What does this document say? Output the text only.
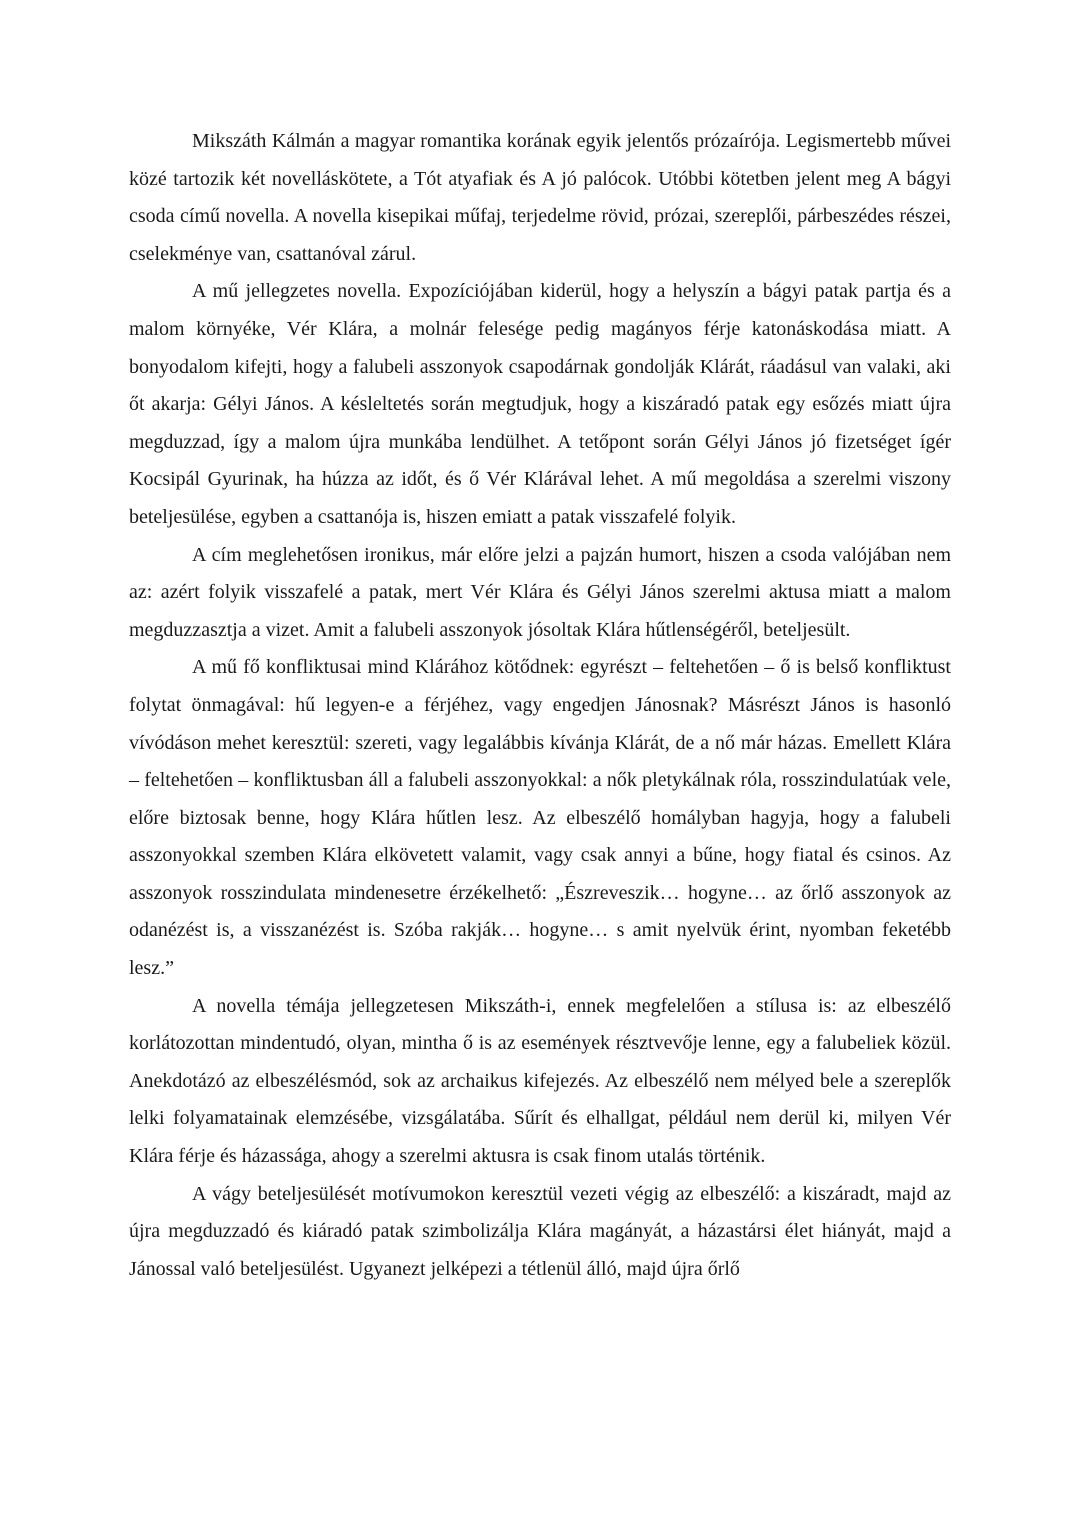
Mikszáth Kálmán a magyar romantika korának egyik jelentős prózaírója. Legismertebb művei közé tartozik két novelláskötete, a Tót atyafiak és A jó palócok. Utóbbi kötetben jelent meg A bágyi csoda című novella. A novella kisepikai műfaj, terjedelme rövid, prózai, szereplői, párbeszédes részei, cselekménye van, csattanóval zárul.

A mű jellegzetes novella. Expozíciójában kiderül, hogy a helyszín a bágyi patak partja és a malom környéke, Vér Klára, a molnár felesége pedig magányos férje katonáskodása miatt. A bonyodalom kifejti, hogy a falubeli asszonyok csapodárnak gondolják Klárát, ráadásul van valaki, aki őt akarja: Gélyi János. A késleltetés során megtudjuk, hogy a kiszáradó patak egy esőzés miatt újra megduzzad, így a malom újra munkába lendülhet. A tetőpont során Gélyi János jó fizetséget ígér Kocsipál Gyurinak, ha húzza az időt, és ő Vér Klárával lehet. A mű megoldása a szerelmi viszony beteljesülése, egyben a csattanója is, hiszen emiatt a patak visszafelé folyik.

A cím meglehetősen ironikus, már előre jelzi a pajzán humort, hiszen a csoda valójában nem az: azért folyik visszafelé a patak, mert Vér Klára és Gélyi János szerelmi aktusa miatt a malom megduzzasztja a vizet. Amit a falubeli asszonyok jósoltak Klára hűtlenségéről, beteljesült.

A mű fő konfliktusai mind Klárához kötődnek: egyrészt – feltehetően – ő is belső konfliktust folytat önmagával: hű legyen-e a férjéhez, vagy engedjen Jánosnak? Másrészt János is hasonló vívódáson mehet keresztül: szereti, vagy legalábbis kívánja Klárát, de a nő már házas. Emellett Klára – feltehetően – konfliktusban áll a falubeli asszonyokkal: a nők pletykálnak róla, rosszindulatúak vele, előre biztosak benne, hogy Klára hűtlen lesz. Az elbeszélő homályban hagyja, hogy a falubeli asszonyokkal szemben Klára elkövetett valamit, vagy csak annyi a bűne, hogy fiatal és csinos. Az asszonyok rosszindulata mindenesetre érzékelhető: „Észreveszik… hogyne… az őrlő asszonyok az odanézést is, a visszanézést is. Szóba rakják… hogyne… s amit nyelvük érint, nyomban feketébb lesz.”

A novella témája jellegzetesen Mikszáth-i, ennek megfelelően a stílusa is: az elbeszélő korlátozottan mindentudó, olyan, mintha ő is az események résztvevője lenne, egy a falubeliek közül. Anekdotázó az elbeszélésmód, sok az archaikus kifejezés. Az elbeszélő nem mélyed bele a szereplők lelki folyamatainak elemzésébe, vizsgálatába. Sűrít és elhallgat, például nem derül ki, milyen Vér Klára férje és házassága, ahogy a szerelmi aktusra is csak finom utalás történik.

A vágy beteljesülését motívumokon keresztül vezeti végig az elbeszélő: a kiszáradt, majd az újra megduzzadó és kiáradó patak szimbolizálja Klára magányát, a házastársi élet hiányát, majd a Jánossal való beteljesülést. Ugyanezt jelképezi a tétlenül álló, majd újra őrlő
